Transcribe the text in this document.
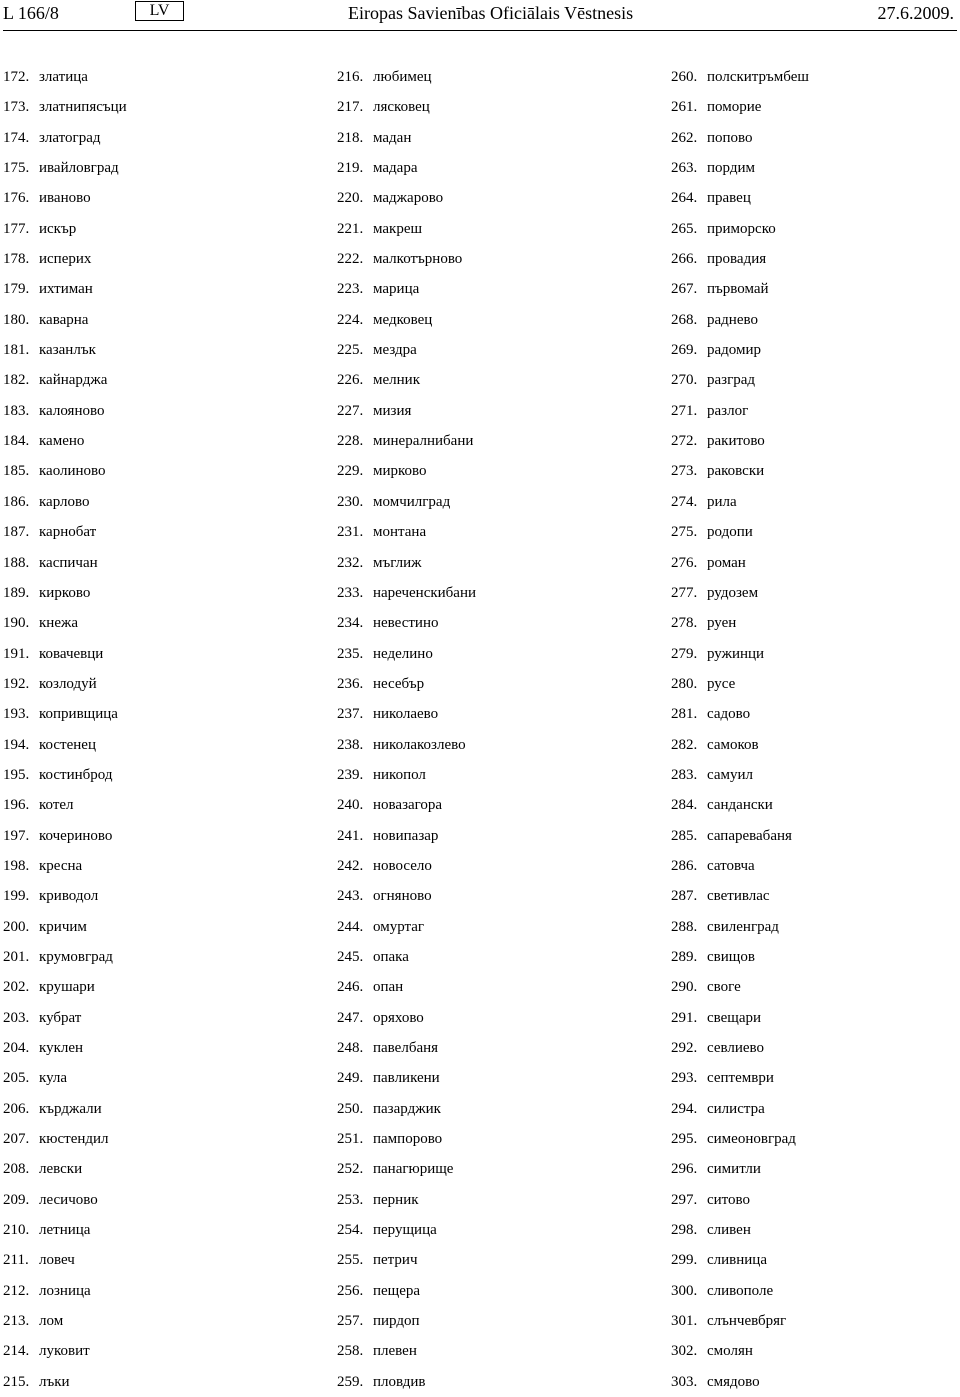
L 166/8	LV	Eiropas Savienības Oficiālais Vēstnesis	27.6.2009.
172. златица
173. златнипясъци
174. златоград
175. ивайловград
176. иваново
177. искър
178. исперих
179. ихтиман
180. каварна
181. казанлък
182. кайнарджа
183. калояново
184. камено
185. каолиново
186. карлово
187. карнобат
188. каспичан
189. кирково
190. кнежа
191. ковачевци
192. козлодуй
193. копривщица
194. костенец
195. костинброд
196. котел
197. кочериново
198. кресна
199. криводол
200. кричим
201. крумовград
202. крушари
203. кубрат
204. куклен
205. кула
206. кърджали
207. кюстендил
208. левски
209. лесичово
210. летница
211. ловеч
212. лозница
213. лом
214. луковит
215. лъки
216. любимец
217. лясковец
218. мадан
219. мадара
220. маджарово
221. макреш
222. малкотърново
223. марица
224. медковец
225. мездра
226. мелник
227. мизия
228. минералнибани
229. мирково
230. момчилград
231. монтана
232. мъглиж
233. нареченскибани
234. невестино
235. неделино
236. несебър
237. николаево
238. николакозлево
239. никопол
240. новазагора
241. новипазар
242. новосело
243. огняново
244. омуртаг
245. опака
246. опан
247. оряхово
248. павелбаня
249. павликени
250. пазарджик
251. пампорово
252. панагюрище
253. перник
254. перущица
255. петрич
256. пещера
257. пирдоп
258. плевен
259. пловдив
260. полскитръмбеш
261. поморие
262. попово
263. пордим
264. правец
265. приморско
266. провадия
267. първомай
268. раднево
269. радомир
270. разград
271. разлог
272. ракитово
273. раковски
274. рила
275. родопи
276. роман
277. рудозем
278. руен
279. ружинци
280. русе
281. садово
282. самоков
283. самуил
284. сандански
285. сапаревабаня
286. сатовча
287. светивлас
288. свиленград
289. свищов
290. своге
291. свещари
292. севлиево
293. септември
294. силистра
295. симеоновград
296. симитли
297. ситово
298. сливен
299. сливница
300. сливополе
301. слънчевбряг
302. смолян
303. смядово
